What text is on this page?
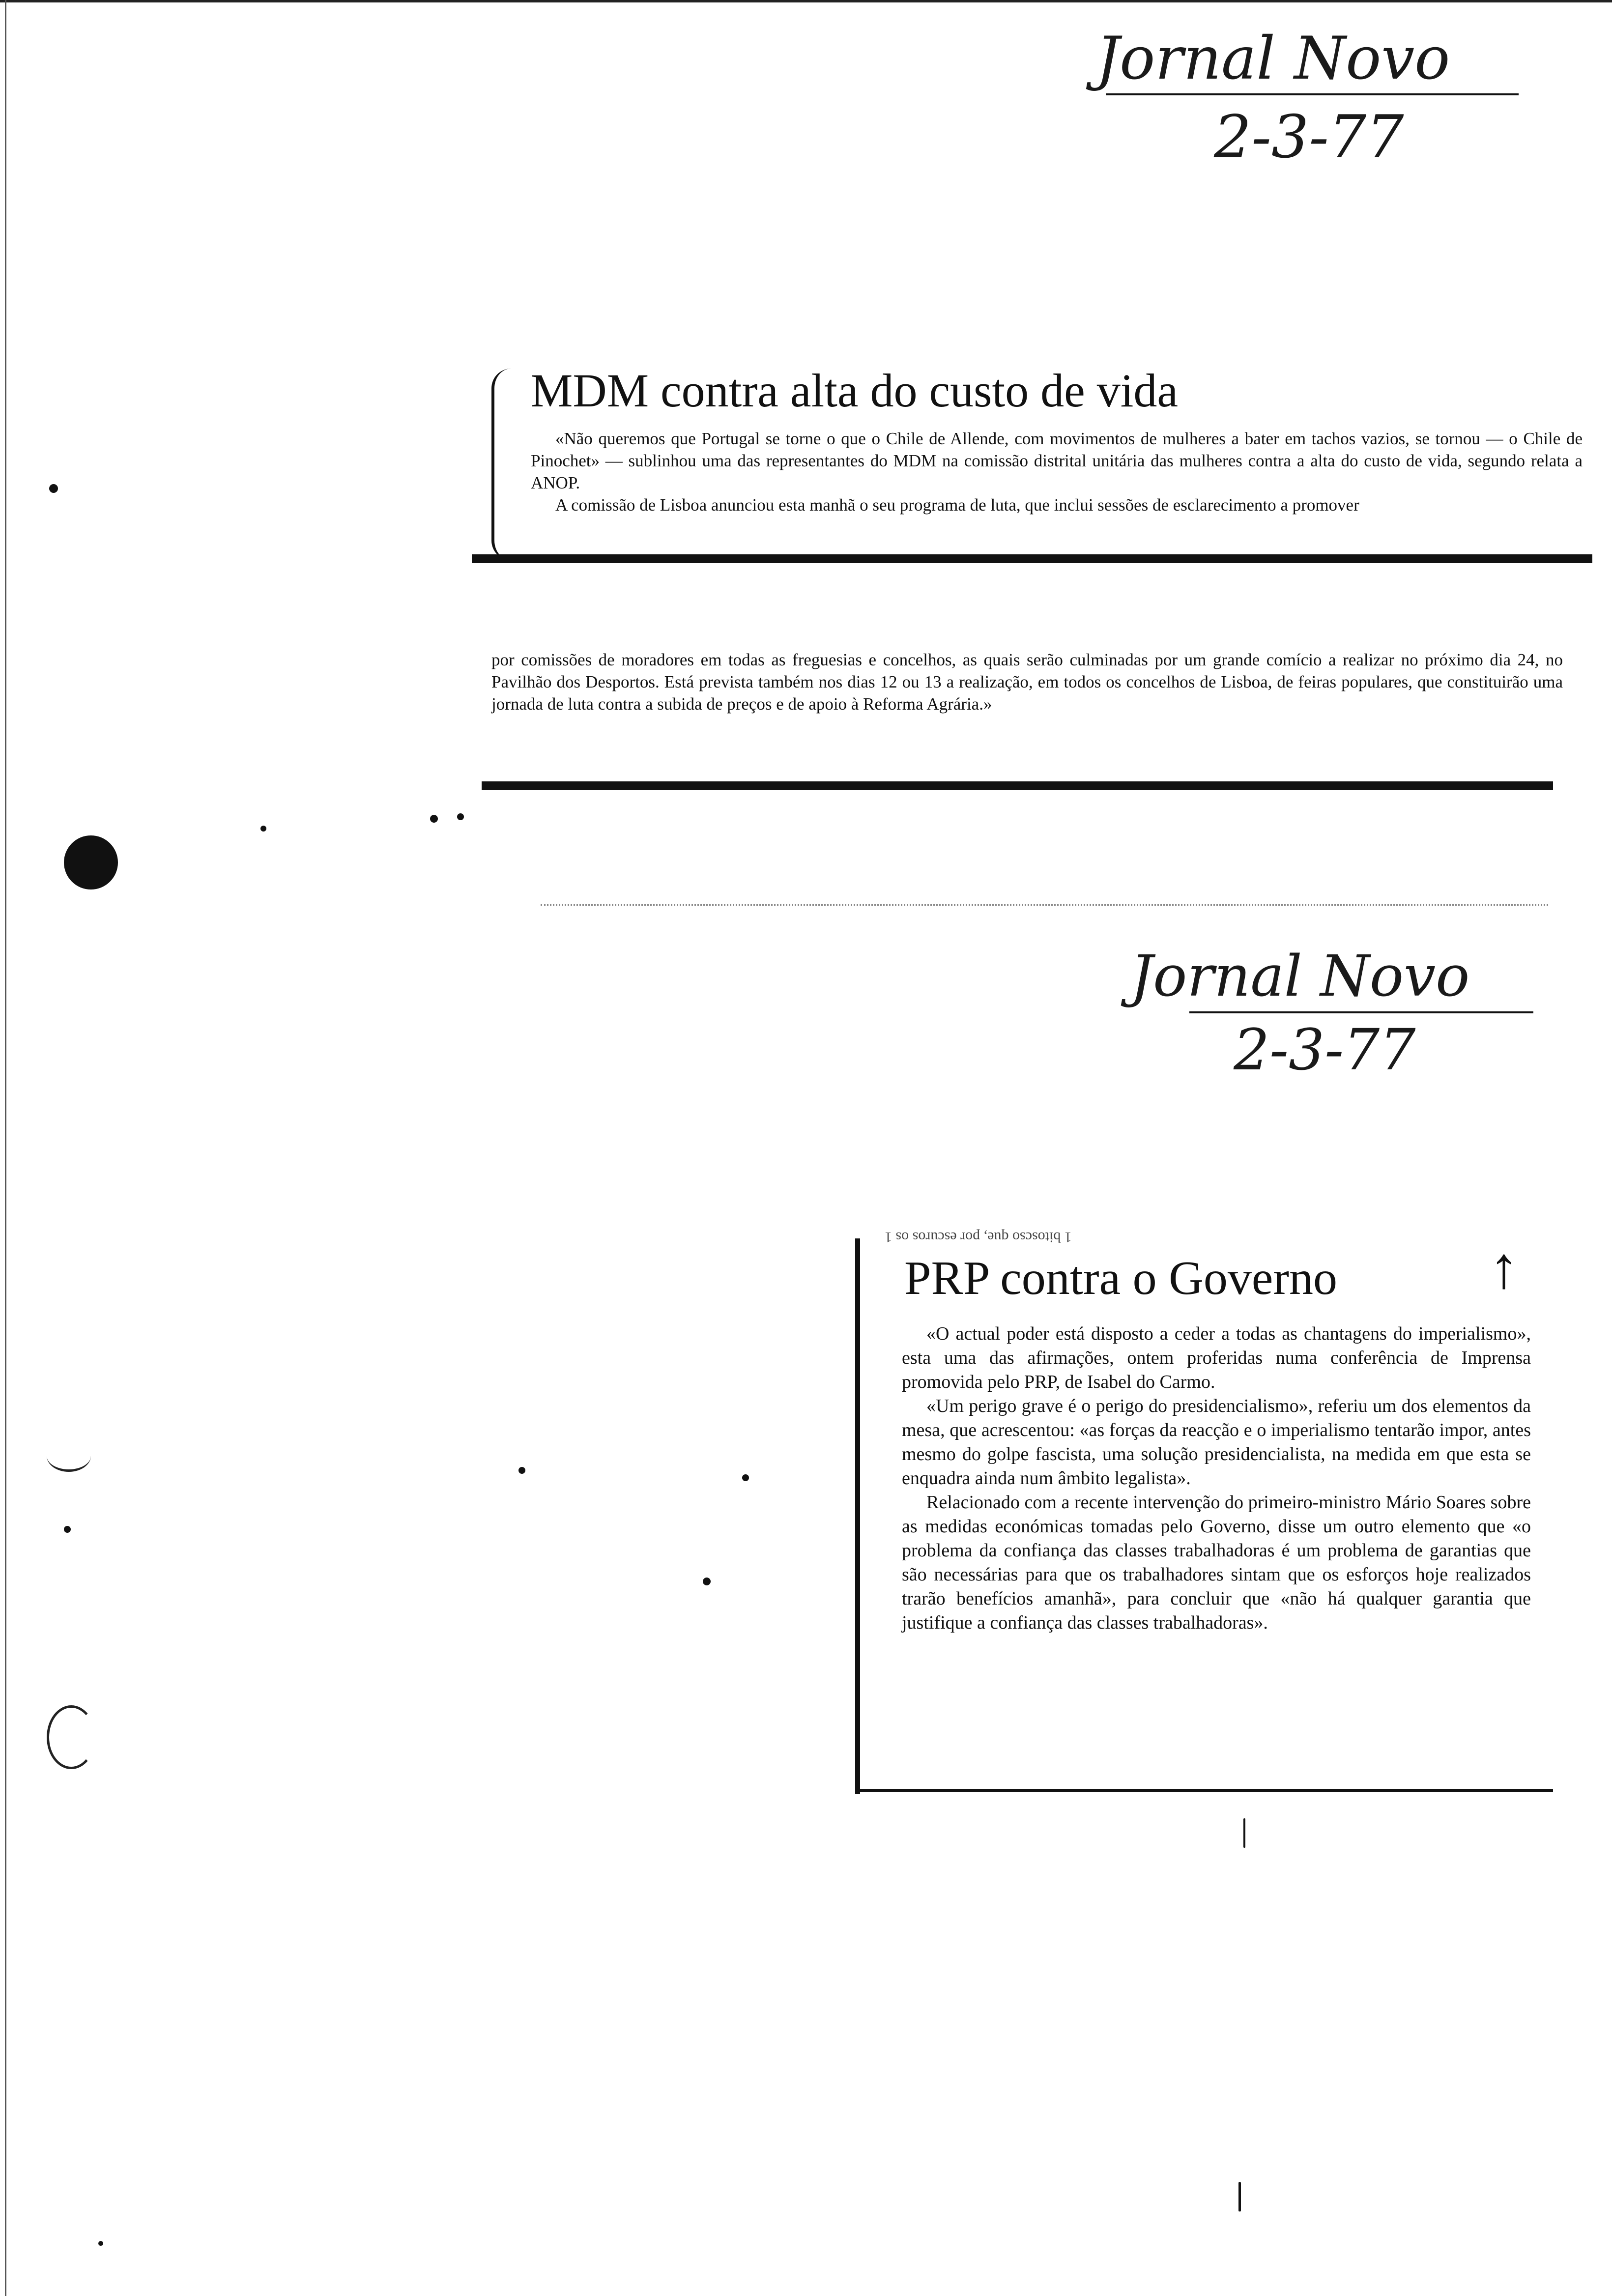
Jornal Novo
2-3-77
MDM contra alta do custo de vida

«Não queremos que Portugal se torne o que o Chile de Allende, com movimentos de mulheres a bater em tachos vazios, se tornou — o Chile de Pinochet» — sublinhou uma das representantes do MDM na comissão distrital unitária das mulheres contra a alta do custo de vida, segundo relata a ANOP.

A comissão de Lisboa anunciou esta manhã o seu programa de luta, que inclui sessões de esclarecimento a promover

por comissões de moradores em todas as freguesias e concelhos, as quais serão culminadas por um grande comício a realizar no próximo dia 24, no Pavilhão dos Desportos. Está prevista também nos dias 12 ou 13 a realização, em todos os concelhos de Lisboa, de feiras populares, que constituirão uma jornada de luta contra a subida de preços e de apoio à Reforma Agrária.»

Jornal Novo
2-3-77
1 bitoscso que, por escuros os 1	↑
PRP contra o Governo

«O actual poder está disposto a ceder a todas as chantagens do imperialismo», esta uma das afirmações, ontem proferidas numa conferência de Imprensa promovida pelo PRP, de Isabel do Carmo.

«Um perigo grave é o perigo do presidencialismo», referiu um dos elementos da mesa, que acrescentou: «as forças da reacção e o imperialismo tentarão impor, antes mesmo do golpe fascista, uma solução presidencialista, na medida em que esta se enquadra ainda num âmbito legalista».

Relacionado com a recente intervenção do primeiro-ministro Mário Soares sobre as medidas económicas tomadas pelo Governo, disse um outro elemento que «o problema da confiança das classes trabalhadoras é um problema de garantias que são necessárias para que os trabalhadores sintam que os esforços hoje realizados trarão benefícios amanhã», para concluir que «não há qualquer garantia que justifique a confiança das classes trabalhadoras».
